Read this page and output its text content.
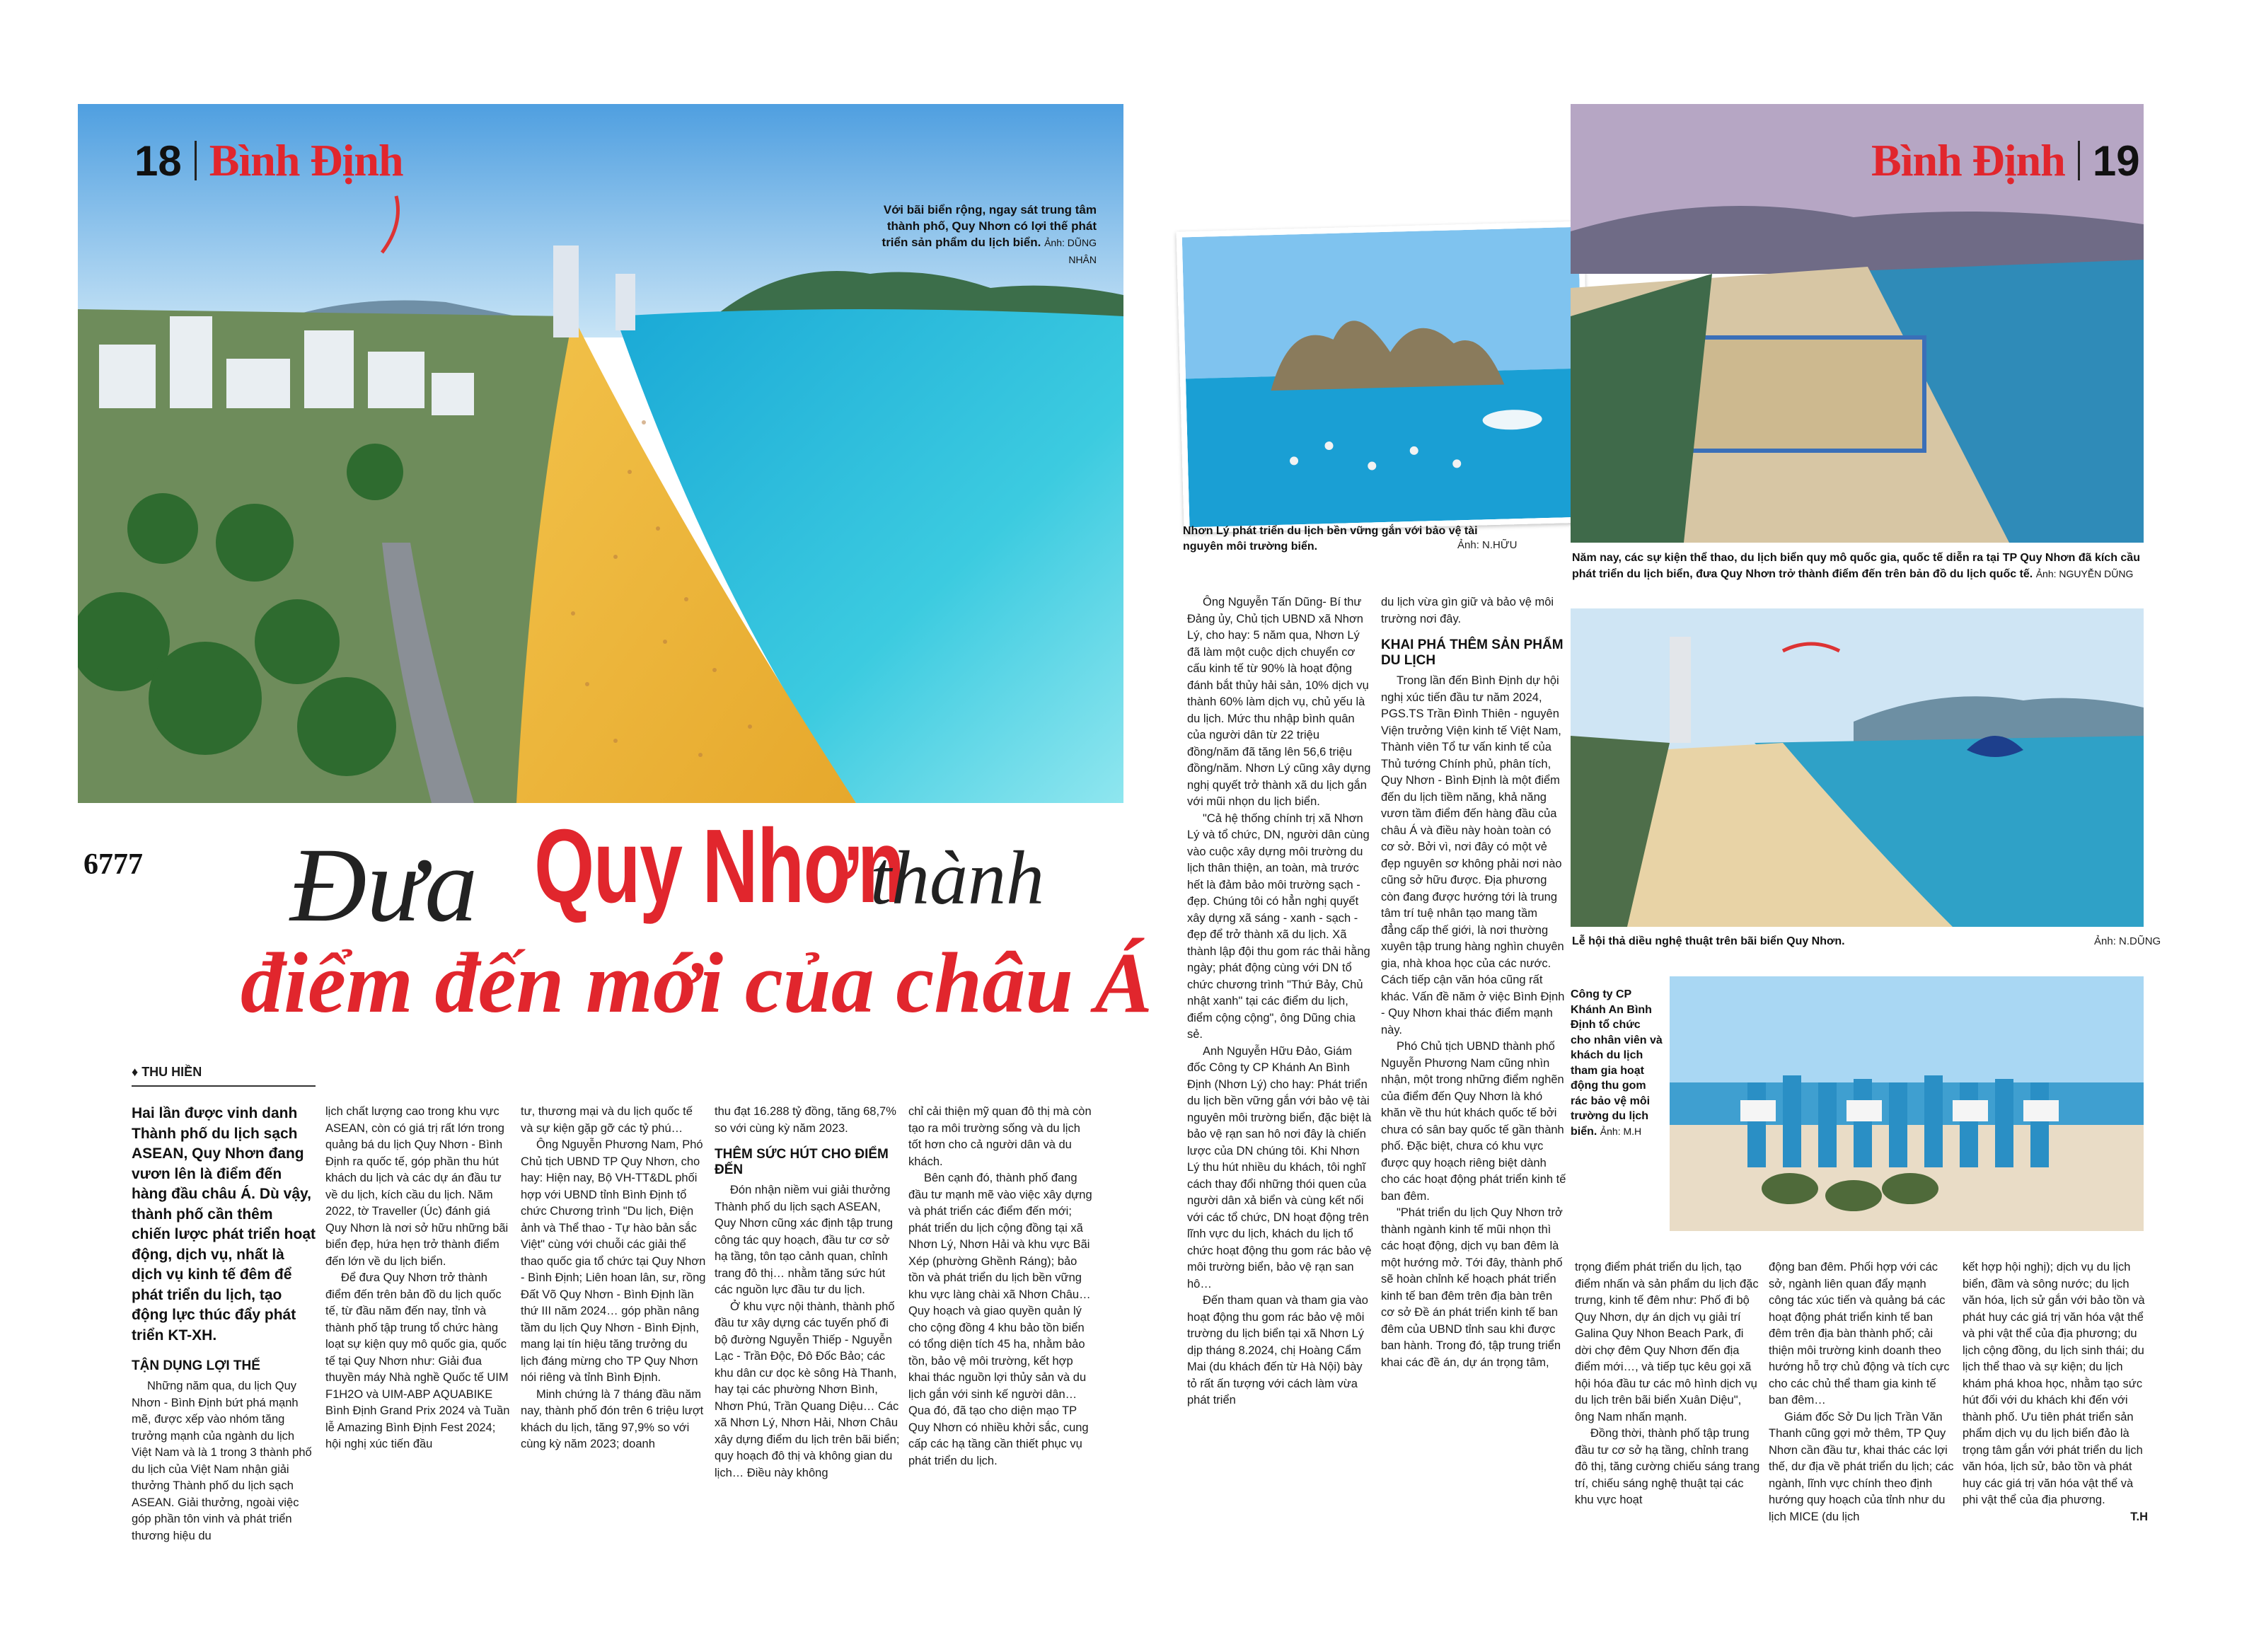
18 Bình Định
Với bãi biển rộng, ngay sát trung tâm thành phố, Quy Nhơn có lợi thế phát triển sản phẩm du lịch biển. Ảnh: DŨNG NHÂN
6777 Đưa Quy Nhơn
thành
điểm đến mới của châu Á
♦ THU HIỀN
Hai lần được vinh danh Thành phố du lịch sạch ASEAN, Quy Nhơn đang vươn lên là điểm đến hàng đầu châu Á. Dù vậy, thành phố cần thêm chiến lược phát triển hoạt động, dịch vụ, nhất là dịch vụ kinh tế đêm để phát triển du lịch, tạo động lực thúc đẩy phát triển KT-XH.
TẬN DỤNG LỢI THẾ

Những năm qua, du lịch Quy Nhơn - Bình Định bứt phá mạnh mẽ, được xếp vào nhóm tăng trưởng mạnh của ngành du lịch Việt Nam và là 1 trong 3 thành phố du lịch của Việt Nam nhận giải thưởng Thành phố du lịch sạch ASEAN. Giải thưởng, ngoài việc góp phần tôn vinh và phát triển thương hiệu du

lịch chất lượng cao trong khu vực ASEAN, còn có giá trị rất lớn trong quảng bá du lịch Quy Nhơn - Bình Định ra quốc tế, góp phần thu hút khách du lịch và các dự án đầu tư về du lịch, kích cầu du lịch. Năm 2022, tờ Traveller (Úc) đánh giá Quy Nhơn là nơi sở hữu những bãi biển đẹp, hứa hẹn trở thành điểm đến lớn về du lịch biển.

Để đưa Quy Nhơn trở thành điểm đến trên bản đồ du lịch quốc tế, từ đầu năm đến nay, tỉnh và thành phố tập trung tổ chức hàng loạt sự kiện quy mô quốc gia, quốc tế tại Quy Nhơn như: Giải đua thuyền máy Nhà nghề Quốc tế UIM F1H2O và UIM-ABP AQUABIKE Bình Định Grand Prix 2024 và Tuần lễ Amazing Bình Định Fest 2024; hội nghị xúc tiến đầu

tư, thương mại và du lịch quốc tế và sự kiện gặp gỡ các tỷ phú…

Ông Nguyễn Phương Nam, Phó Chủ tịch UBND TP Quy Nhơn, cho hay: Hiện nay, Bộ VH-TT&DL phối hợp với UBND tỉnh Bình Định tổ chức Chương trình "Du lịch, Điện ảnh và Thể thao - Tự hào bản sắc Việt" cùng với chuỗi các giải thể thao quốc gia tổ chức tại Quy Nhơn - Bình Định; Liên hoan lân, sư, rồng Đất Võ Quy Nhơn - Bình Định lần thứ III năm 2024… góp phần nâng tầm du lịch Quy Nhơn - Bình Định, mang lại tín hiệu tăng trưởng du lịch đáng mừng cho TP Quy Nhơn nói riêng và tỉnh Bình Định.

Minh chứng là 7 tháng đầu năm nay, thành phố đón trên 6 triệu lượt khách du lịch, tăng 97,9% so với cùng kỳ năm 2023; doanh

thu đạt 16.288 tỷ đồng, tăng 68,7% so với cùng kỳ năm 2023.

THÊM SỨC HÚT CHO ĐIỂM ĐẾN

Đón nhận niềm vui giải thưởng Thành phố du lịch sạch ASEAN, Quy Nhơn cũng xác định tập trung công tác quy hoạch, đầu tư cơ sở hạ tầng, tôn tạo cảnh quan, chỉnh trang đô thị… nhằm tăng sức hút các nguồn lực đầu tư du lịch.

Ở khu vực nội thành, thành phố đầu tư xây dựng các tuyến phố đi bộ đường Nguyễn Thiếp - Nguyễn Lạc - Trần Độc, Đô Đốc Bảo; các khu dân cư dọc kè sông Hà Thanh, hay tại các phường Nhơn Bình, Nhơn Phú, Trần Quang Diệu… Các xã Nhơn Lý, Nhơn Hải, Nhơn Châu xây dựng điểm du lịch trên bãi biển; quy hoạch đô thị và không gian du lịch… Điều này không

chỉ cải thiện mỹ quan đô thị mà còn tạo ra môi trường sống và du lịch tốt hơn cho cả người dân và du khách.

Bên cạnh đó, thành phố đang đầu tư mạnh mẽ vào việc xây dựng và phát triển các điểm đến mới; phát triển du lịch cộng đồng tại xã Nhơn Lý, Nhơn Hải và khu vực Bãi Xép (phường Ghềnh Ráng); bảo tồn và phát triển du lịch bền vững khu vực làng chài xã Nhơn Châu… Quy hoạch và giao quyền quản lý cho cộng đồng 4 khu bảo tồn biển có tổng diện tích 45 ha, nhằm bảo tồn, bảo vệ môi trường, kết hợp khai thác nguồn lợi thủy sản và du lịch gắn với sinh kế người dân… Qua đó, đã tạo cho diện mạo TP Quy Nhơn có nhiều khởi sắc, cung cấp các hạ tầng cần thiết phục vụ phát triển du lịch.

Nhơn Lý phát triển du lịch bền vững gắn với bảo vệ tài nguyên môi trường biển.	Ảnh: N.HỮU
Bình Định 19
Năm nay, các sự kiện thể thao, du lịch biển quy mô quốc gia, quốc tế diễn ra tại TP Quy Nhơn đã kích cầu phát triển du lịch biển, đưa Quy Nhơn trở thành điểm đến trên bản đồ du lịch quốc tế. Ảnh: NGUYỄN DŨNG
Lễ hội thả diều nghệ thuật trên bãi biển Quy Nhơn.	Ảnh: N.DŨNG
Công ty CP Khánh An Bình Định tổ chức cho nhân viên và khách du lịch tham gia hoạt động thu gom rác bảo vệ môi trường du lịch biển. Ảnh: M.H

Ông Nguyễn Tấn Dũng- Bí thư Đảng ủy, Chủ tịch UBND xã Nhơn Lý, cho hay: 5 năm qua, Nhơn Lý đã làm một cuộc dịch chuyển cơ cấu kinh tế từ 90% là hoạt động đánh bắt thủy hải sản, 10% dịch vụ thành 60% làm dịch vụ, chủ yếu là du lịch. Mức thu nhập bình quân của người dân từ 22 triệu đồng/năm đã tăng lên 56,6 triệu đồng/năm. Nhơn Lý cũng xây dựng nghị quyết trở thành xã du lịch gắn với mũi nhọn du lịch biển.

"Cả hệ thống chính trị xã Nhơn Lý và tổ chức, DN, người dân cùng vào cuộc xây dựng môi trường du lịch thân thiện, an toàn, mà trước hết là đảm bảo môi trường sạch - đẹp. Chúng tôi có hẳn nghị quyết xây dựng xã sáng - xanh - sạch - đẹp để trở thành xã du lịch. Xã thành lập đội thu gom rác thải hằng ngày; phát động cùng với DN tổ chức chương trình "Thứ Bảy, Chủ nhật xanh" tại các điểm du lịch, điểm cộng cộng", ông Dũng chia sẻ.

Anh Nguyễn Hữu Đảo, Giám đốc Công ty CP Khánh An Bình Định (Nhơn Lý) cho hay: Phát triển du lịch bền vững gắn với bảo vệ tài nguyên môi trường biển, đặc biệt là bảo vệ rạn san hô nơi đây là chiến lược của DN chúng tôi. Khi Nhơn Lý thu hút nhiều du khách, tôi nghĩ cách thay đổi những thói quen của người dân xả biển và cùng kết nối với các tổ chức, DN hoạt động trên lĩnh vực du lịch, khách du lịch tổ chức hoạt động thu gom rác bảo vệ môi trường biển, bảo vệ rạn san hô…

Đến tham quan và tham gia vào hoạt động thu gom rác bảo vệ môi trường du lịch biển tại xã Nhơn Lý dịp tháng 8.2024, chị Hoàng Cẩm Mai (du khách đến từ Hà Nội) bày tỏ rất ấn tượng với cách làm vừa phát triển

du lịch vừa gìn giữ và bảo vệ môi trường nơi đây.

KHAI PHÁ THÊM SẢN PHẨM DU LỊCH

Trong lần đến Bình Định dự hội nghị xúc tiến đầu tư năm 2024, PGS.TS Trần Đình Thiên - nguyên Viện trưởng Viện kinh tế Việt Nam, Thành viên Tổ tư vấn kinh tế của Thủ tướng Chính phủ, phân tích, Quy Nhơn - Bình Định là một điểm đến du lịch tiềm năng, khả năng vươn tầm điểm đến hàng đầu của châu Á và điều này hoàn toàn có cơ sở. Bởi vì, nơi đây có một vẻ đẹp nguyên sơ không phải nơi nào cũng sở hữu được. Địa phương còn đang được hướng tới là trung tâm trí tuệ nhân tạo mang tầm đẳng cấp thế giới, là nơi thường xuyên tập trung hàng nghìn chuyên gia, nhà khoa học của các nước. Cách tiếp cận văn hóa cũng rất khác. Vấn đề năm ở việc Bình Định - Quy Nhơn khai thác điểm mạnh này.

Phó Chủ tịch UBND thành phố Nguyễn Phương Nam cũng nhìn nhận, một trong những điểm nghẽn của điểm đến Quy Nhơn là khó khăn về thu hút khách quốc tế bởi chưa có sân bay quốc tế gần thành phố. Đặc biệt, chưa có khu vực được quy hoạch riêng biệt dành cho các hoạt động phát triển kinh tế ban đêm.

"Phát triển du lịch Quy Nhơn trở thành ngành kinh tế mũi nhọn thì các hoạt động, dịch vụ ban đêm là một hướng mở. Tới đây, thành phố sẽ hoàn chỉnh kế hoạch phát triển kinh tế ban đêm trên địa bàn trên cơ sở Đề án phát triển kinh tế ban đêm của UBND tỉnh sau khi được ban hành. Trong đó, tập trung triển khai các đề án, dự án trọng tâm,

trọng điểm phát triển du lịch, tạo điểm nhấn và sản phẩm du lịch đặc trưng, kinh tế đêm như: Phố đi bộ Quy Nhơn, dự án dịch vụ giải trí Galina Quy Nhon Beach Park, đi dời chợ đêm Quy Nhơn đến địa điểm mới…, và tiếp tục kêu gọi xã hội hóa đầu tư các mô hình dịch vụ du lịch trên bãi biển Xuân Diệu", ông Nam nhấn mạnh.

Đồng thời, thành phố tập trung đầu tư cơ sở hạ tầng, chỉnh trang đô thị, tăng cường chiếu sáng trang trí, chiếu sáng nghệ thuật tại các khu vực hoạt

động ban đêm. Phối hợp với các sở, ngành liên quan đẩy mạnh công tác xúc tiến và quảng bá các hoạt động phát triển kinh tế ban đêm trên địa bàn thành phố; cải thiện môi trường kinh doanh theo hướng hỗ trợ chủ động và tích cực cho các chủ thể tham gia kinh tế ban đêm…

Giám đốc Sở Du lịch Trần Văn Thanh cũng gợi mở thêm, TP Quy Nhơn cần đầu tư, khai thác các lợi thế, dư địa về phát triển du lịch; các ngành, lĩnh vực chính theo định hướng quy hoạch của tỉnh như du lịch MICE (du lịch

kết hợp hội nghị); dịch vụ du lịch biển, đầm và sông nước; du lịch văn hóa, lịch sử gắn với bảo tồn và phát huy các giá trị văn hóa vật thể và phi vật thể của địa phương; du lịch cộng đồng, du lịch sinh thái; du lịch thể thao và sự kiện; du lịch khám phá khoa học, nhằm tạo sức hút đối với du khách khi đến với thành phố. Ưu tiên phát triển sản phẩm dịch vụ du lịch biển đảo là trọng tâm gắn với phát triển du lịch văn hóa, lịch sử, bảo tồn và phát huy các giá trị văn hóa vật thể và phi vật thể của địa phương.

T.H
